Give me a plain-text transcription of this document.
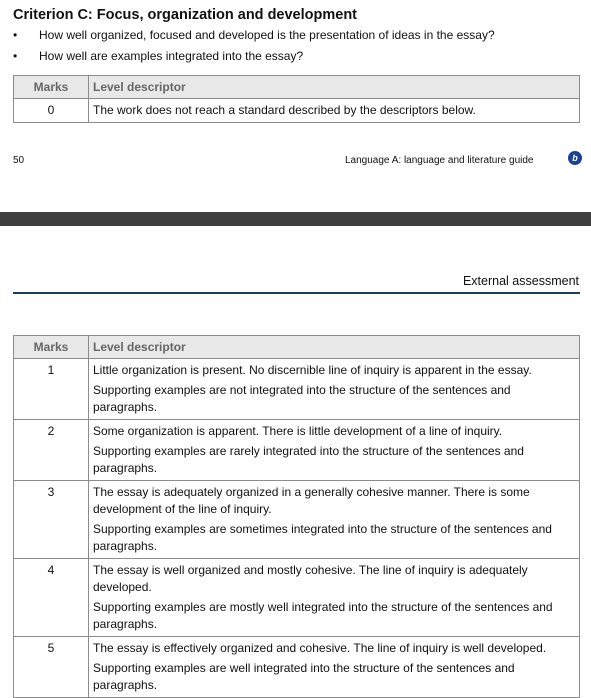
Criterion C: Focus, organization and development
• How well organized, focused and developed is the presentation of ideas in the essay?
• How well are examples integrated into the essay?
Marks	Level descriptor
0	The work does not reach a standard described by the descriptors below.

50	Language A: language and literature guide	b
External assessment
Marks	Level descriptor
1	Little organization is present. No discernible line of inquiry is apparent in the essay.

Supporting examples are not integrated into the structure of the sentences and paragraphs.

2	Some organization is apparent. There is little development of a line of inquiry.

Supporting examples are rarely integrated into the structure of the sentences and paragraphs.

3	The essay is adequately organized in a generally cohesive manner. There is some development of the line of inquiry.

Supporting examples are sometimes integrated into the structure of the sentences and paragraphs.

4	The essay is well organized and mostly cohesive. The line of inquiry is adequately developed.

Supporting examples are mostly well integrated into the structure of the sentences and paragraphs.

5	The essay is effectively organized and cohesive. The line of inquiry is well developed.

Supporting examples are well integrated into the structure of the sentences and paragraphs.
